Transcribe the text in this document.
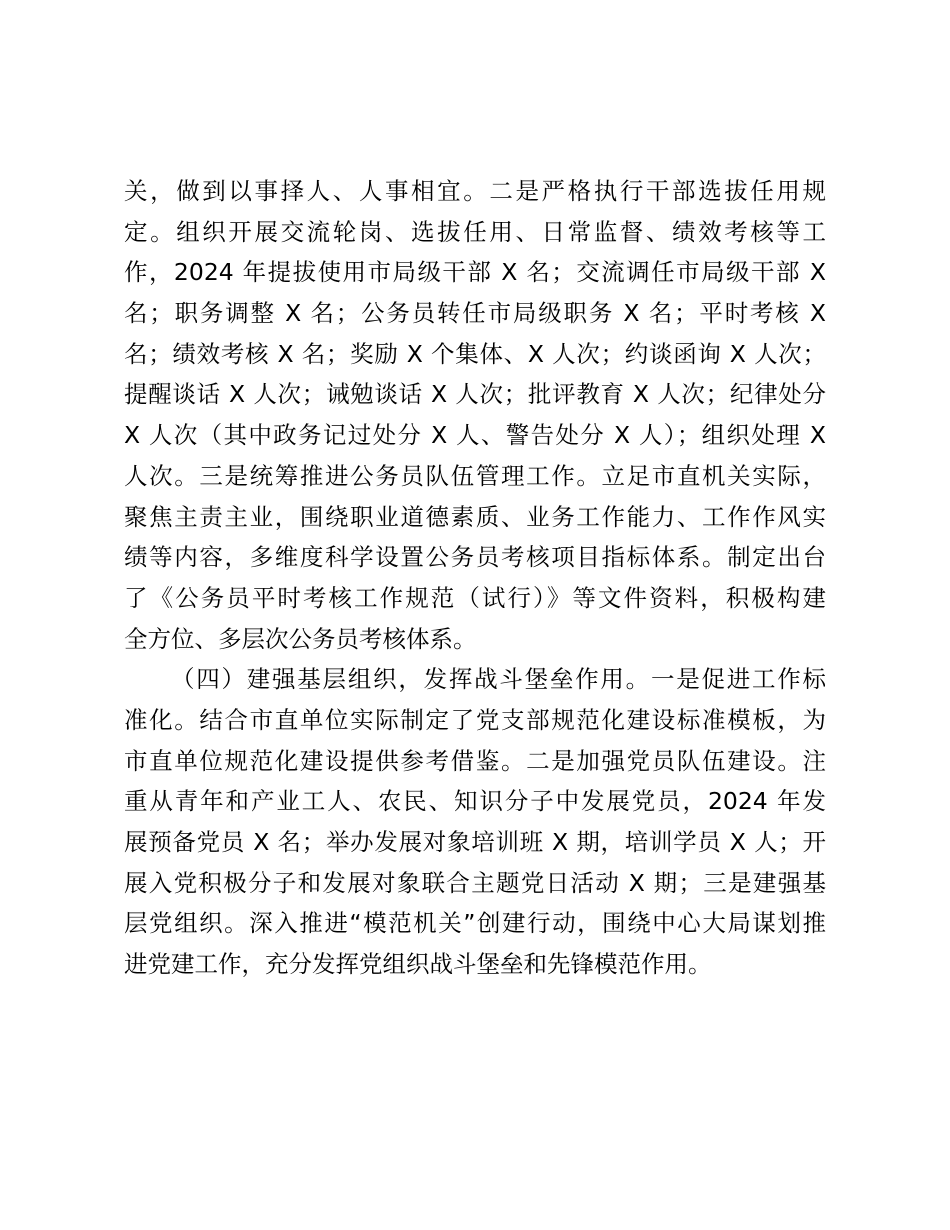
关，做到以事择人、人事相宜。二是严格执行干部选拔任用规
定。组织开展交流轮岗、选拔任用、日常监督、绩效考核等工
作，2024 年提拔使用市局级干部 X 名；交流调任市局级干部 X
名；职务调整 X 名；公务员转任市局级职务 X 名；平时考核 X
名；绩效考核 X 名；奖励 X 个集体、X 人次；约谈函询 X 人次；
提醒谈话 X 人次；诫勉谈话 X 人次；批评教育 X 人次；纪律处分
X 人次（其中政务记过处分 X 人、警告处分 X 人）；组织处理 X
人次。三是统筹推进公务员队伍管理工作。立足市直机关实际，
聚焦主责主业，围绕职业道德素质、业务工作能力、工作作风实
绩等内容，多维度科学设置公务员考核项目指标体系。制定出台
了《公务员平时考核工作规范（试行）》等文件资料，积极构建
全方位、多层次公务员考核体系。
（四）建强基层组织，发挥战斗堡垒作用。一是促进工作标
准化。结合市直单位实际制定了党支部规范化建设标准模板，为
市直单位规范化建设提供参考借鉴。二是加强党员队伍建设。注
重从青年和产业工人、农民、知识分子中发展党员，2024 年发
展预备党员 X 名；举办发展对象培训班 X 期，培训学员 X 人；开
展入党积极分子和发展对象联合主题党日活动 X 期；三是建强基
层党组织。深入推进“模范机关”创建行动，围绕中心大局谋划推
进党建工作，充分发挥党组织战斗堡垒和先锋模范作用。
